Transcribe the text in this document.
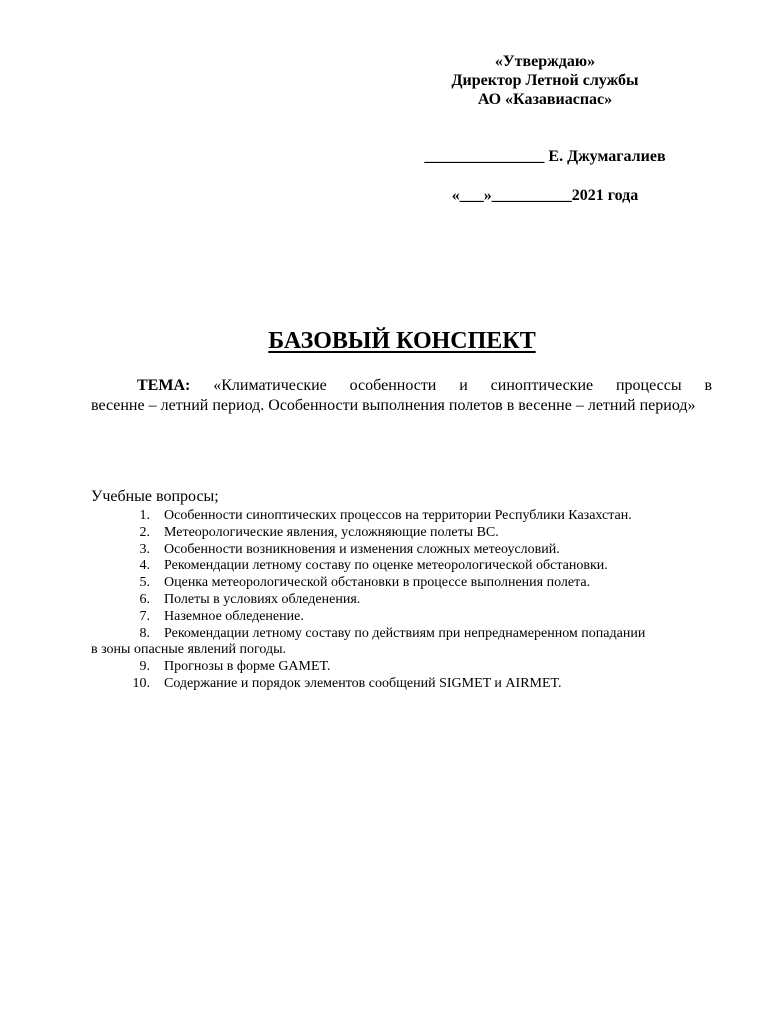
«Утверждаю»
Директор Летной службы
АО «Казавиаспас»
_______________ Е. Джумагалиев
«___»__________2021 года
БАЗОВЫЙ КОНСПЕКТ

ТЕМА: «Климатические особенности и синоптические процессы в

весенне – летний период. Особенности выполнения полетов в весенне – летний период»

Учебные вопросы;
1.	Особенности синоптических процессов на территории Республики Казахстан.
2.	Метеорологические явления, усложняющие полеты ВС.
3.	Особенности возникновения и изменения сложных метеоусловий.
4.	Рекомендации летному составу по оценке метеорологической обстановки.
5.	Оценка метеорологической обстановки в процессе выполнения полета.
6.	Полеты в условиях обледенения.
7.	Наземное обледенение.
8.	Рекомендации летному составу по действиям при непреднамеренном попадании
в зоны опасные явлений погоды.
9.	Прогнозы в форме GAMET.
10.	Содержание и порядок элементов сообщений SIGMET и AIRMET.
